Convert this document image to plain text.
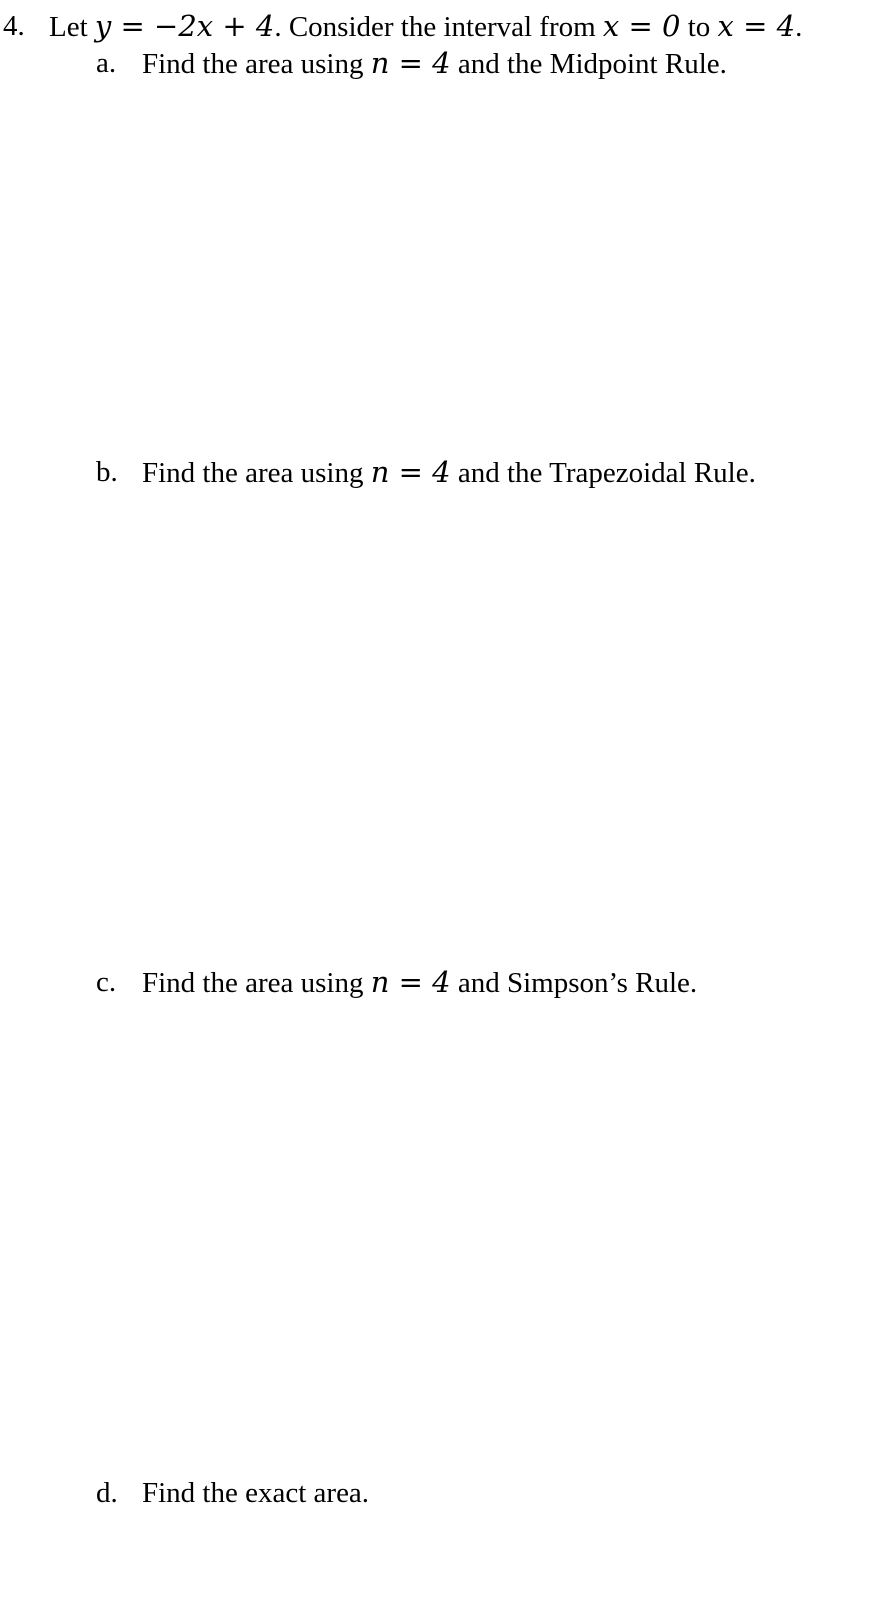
4. Let y = −2x + 4. Consider the interval from x = 0 to x = 4.
a. Find the area using n = 4 and the Midpoint Rule.
b. Find the area using n = 4 and the Trapezoidal Rule.
c. Find the area using n = 4 and Simpson’s Rule.
d. Find the exact area.
